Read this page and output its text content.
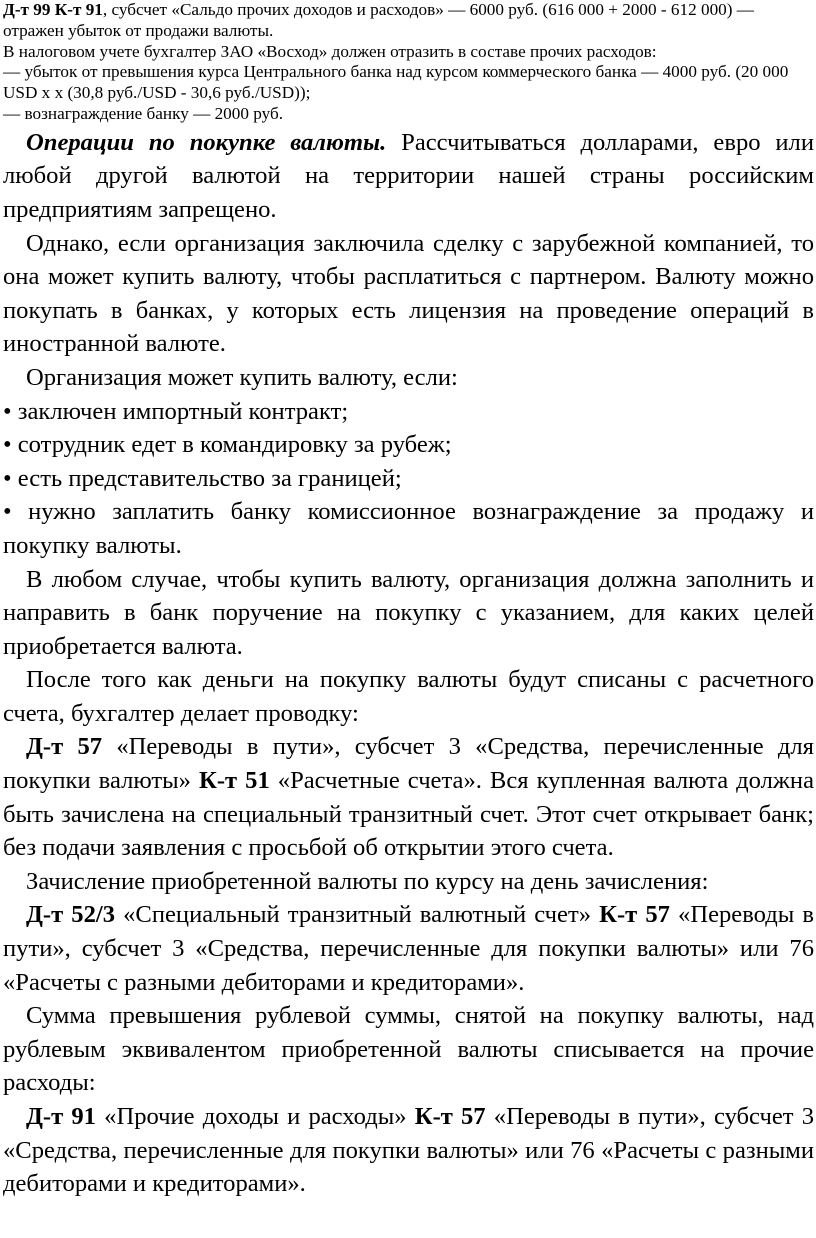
Д-т 99 К-т 91, субсчет «Сальдо прочих доходов и расходов» — 6000 руб. (616 000 + 2000 - 612 000) — отражен убыток от продажи валюты.

В налоговом учете бухгалтер ЗАО «Восход» должен отразить в составе прочих расходов:

— убыток от превышения курса Центрального банка над курсом коммерческого банка — 4000 руб. (20 000 USD х х (30,8 руб./USD - 30,6 руб./USD));

— вознаграждение банку — 2000 руб.

Операции по покупке валюты. Рассчитываться долларами, евро или любой другой валютой на территории нашей страны российским предприятиям запрещено.

Однако, если организация заключила сделку с зарубежной компанией, то она может купить валюту, чтобы расплатиться с партнером. Валюту можно покупать в банках, у которых есть лицензия на проведение операций в иностранной валюте.

Организация может купить валюту, если:

• заключен импортный контракт;

• сотрудник едет в командировку за рубеж;

• есть представительство за границей;

• нужно заплатить банку комиссионное вознаграждение за продажу и покупку валюты.

В любом случае, чтобы купить валюту, организация должна заполнить и направить в банк поручение на покупку с указанием, для каких целей приобретается валюта.

После того как деньги на покупку валюты будут списаны с расчетного счета, бухгалтер делает проводку:

Д-т 57 «Переводы в пути», субсчет 3 «Средства, перечисленные для покупки валюты» К-т 51 «Расчетные счета». Вся купленная валюта должна быть зачислена на специальный транзитный счет. Этот счет открывает банк; без подачи заявления с просьбой об открытии этого счета.

Зачисление приобретенной валюты по курсу на день зачисления:

Д-т 52/3 «Специальный транзитный валютный счет» К-т 57 «Переводы в пути», субсчет 3 «Средства, перечисленные для покупки валюты» или 76 «Расчеты с разными дебиторами и кредиторами».

Сумма превышения рублевой суммы, снятой на покупку валюты, над рублевым эквивалентом приобретенной валюты списывается на прочие расходы:

Д-т 91 «Прочие доходы и расходы» К-т 57 «Переводы в пути», субсчет 3 «Средства, перечисленные для покупки валюты» или 76 «Расчеты с разными дебиторами и кредиторами».
